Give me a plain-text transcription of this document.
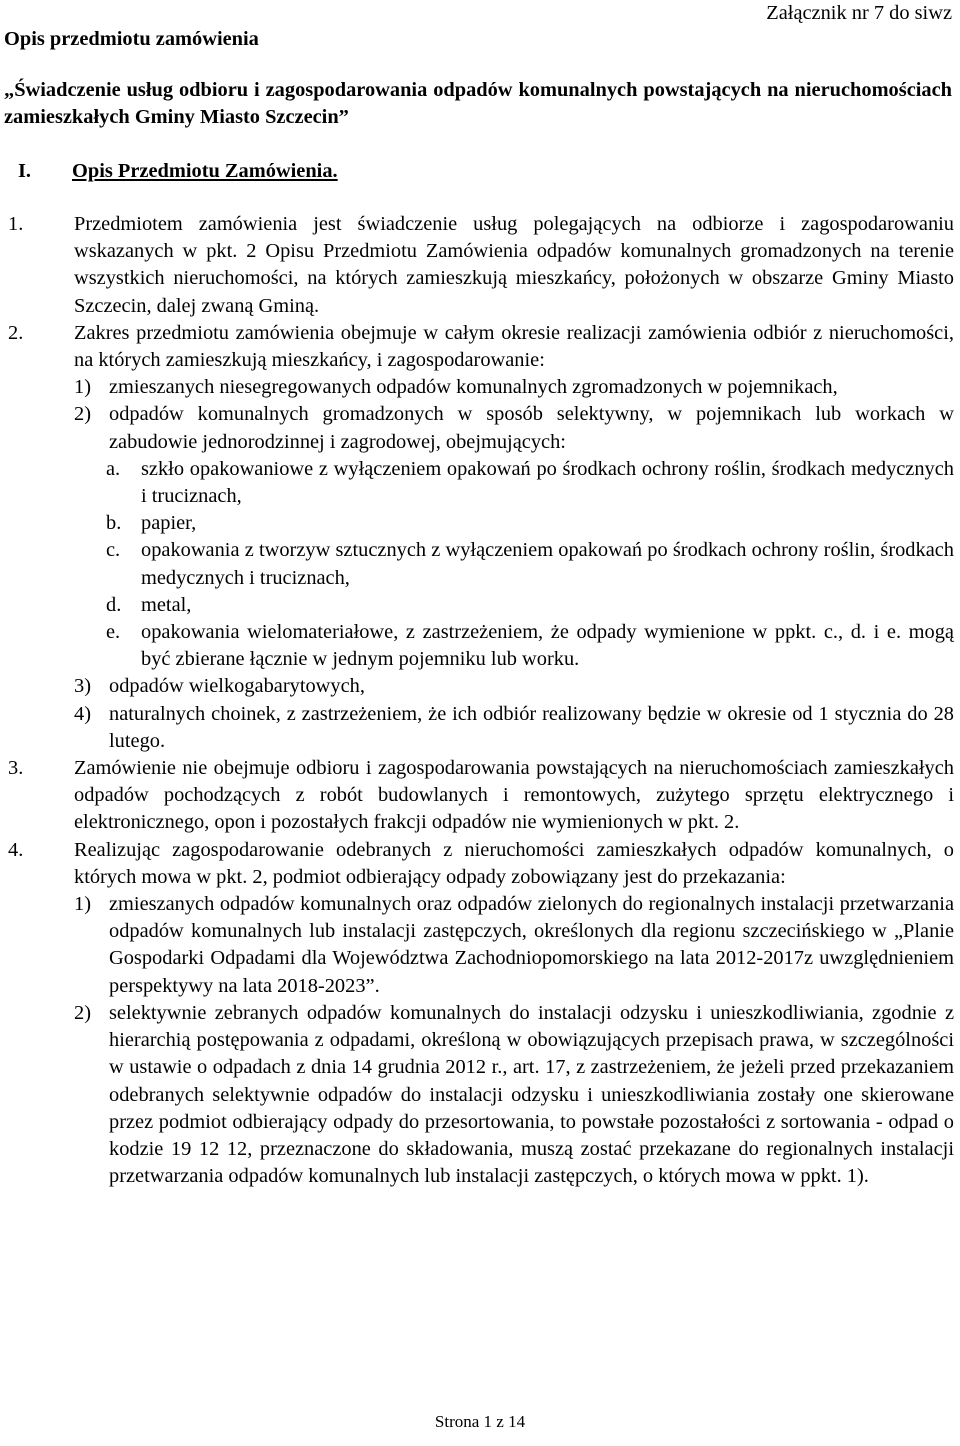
Załącznik nr 7 do siwz
Opis przedmiotu zamówienia
„Świadczenie usług odbioru i zagospodarowania odpadów komunalnych powstających na nieruchomościach zamieszkałych Gminy Miasto Szczecin”
I. Opis Przedmiotu Zamówienia.
1. Przedmiotem zamówienia jest świadczenie usług polegających na odbiorze i zagospodarowaniu wskazanych w pkt. 2 Opisu Przedmiotu Zamówienia odpadów komunalnych gromadzonych na terenie wszystkich nieruchomości, na których zamieszkują mieszkańcy, położonych w obszarze Gminy Miasto Szczecin, dalej zwaną Gminą.
2. Zakres przedmiotu zamówienia obejmuje w całym okresie realizacji zamówienia odbiór z nieruchomości, na których zamieszkują mieszkańcy, i zagospodarowanie:
1) zmieszanych niesegregowanych odpadów komunalnych zgromadzonych w pojemnikach,
2) odpadów komunalnych gromadzonych w sposób selektywny, w pojemnikach lub workach w zabudowie jednorodzinnej i zagrodowej, obejmujących:
a. szkło opakowaniowe z wyłączeniem opakowań po środkach ochrony roślin, środkach medycznych i truciznach,
b. papier,
c. opakowania z tworzyw sztucznych z wyłączeniem opakowań po środkach ochrony roślin, środkach medycznych i truciznach,
d. metal,
e. opakowania wielomateriałowe, z zastrzeżeniem, że odpady wymienione w ppkt. c., d. i e. mogą być zbierane łącznie w jednym pojemniku lub worku.
3) odpadów wielkogabarytowych,
4) naturalnych choinek, z zastrzeżeniem, że ich odbiór realizowany będzie w okresie od 1 stycznia do 28 lutego.
3. Zamówienie nie obejmuje odbioru i zagospodarowania powstających na nieruchomościach zamieszkałych odpadów pochodzących z robót budowlanych i remontowych, zużytego sprzętu elektrycznego i elektronicznego, opon i pozostałych frakcji odpadów nie wymienionych w pkt. 2.
4. Realizując zagospodarowanie odebranych z nieruchomości zamieszkałych odpadów komunalnych, o których mowa w pkt. 2, podmiot odbierający odpady zobowiązany jest do przekazania:
1) zmieszanych odpadów komunalnych oraz odpadów zielonych do regionalnych instalacji przetwarzania odpadów komunalnych lub instalacji zastępczych, określonych dla regionu szczecińskiego w „Planie Gospodarki Odpadami dla Województwa Zachodniopomorskiego na lata 2012-2017z uwzględnieniem perspektywy na lata 2018-2023”.
2) selektywnie zebranych odpadów komunalnych do instalacji odzysku i unieszkodliwiania, zgodnie z hierarchią postępowania z odpadami, określoną w obowiązujących przepisach prawa, w szczególności w ustawie o odpadach z dnia 14 grudnia 2012 r., art. 17, z zastrzeżeniem, że jeżeli przed przekazaniem odebranych selektywnie odpadów do instalacji odzysku i unieszkodliwiania zostały one skierowane przez podmiot odbierający odpady do przesortowania, to powstałe pozostałości z sortowania - odpad o kodzie 19 12 12, przeznaczone do składowania, muszą zostać przekazane do regionalnych instalacji przetwarzania odpadów komunalnych lub instalacji zastępczych, o których mowa w ppkt. 1).
Strona 1 z 14
